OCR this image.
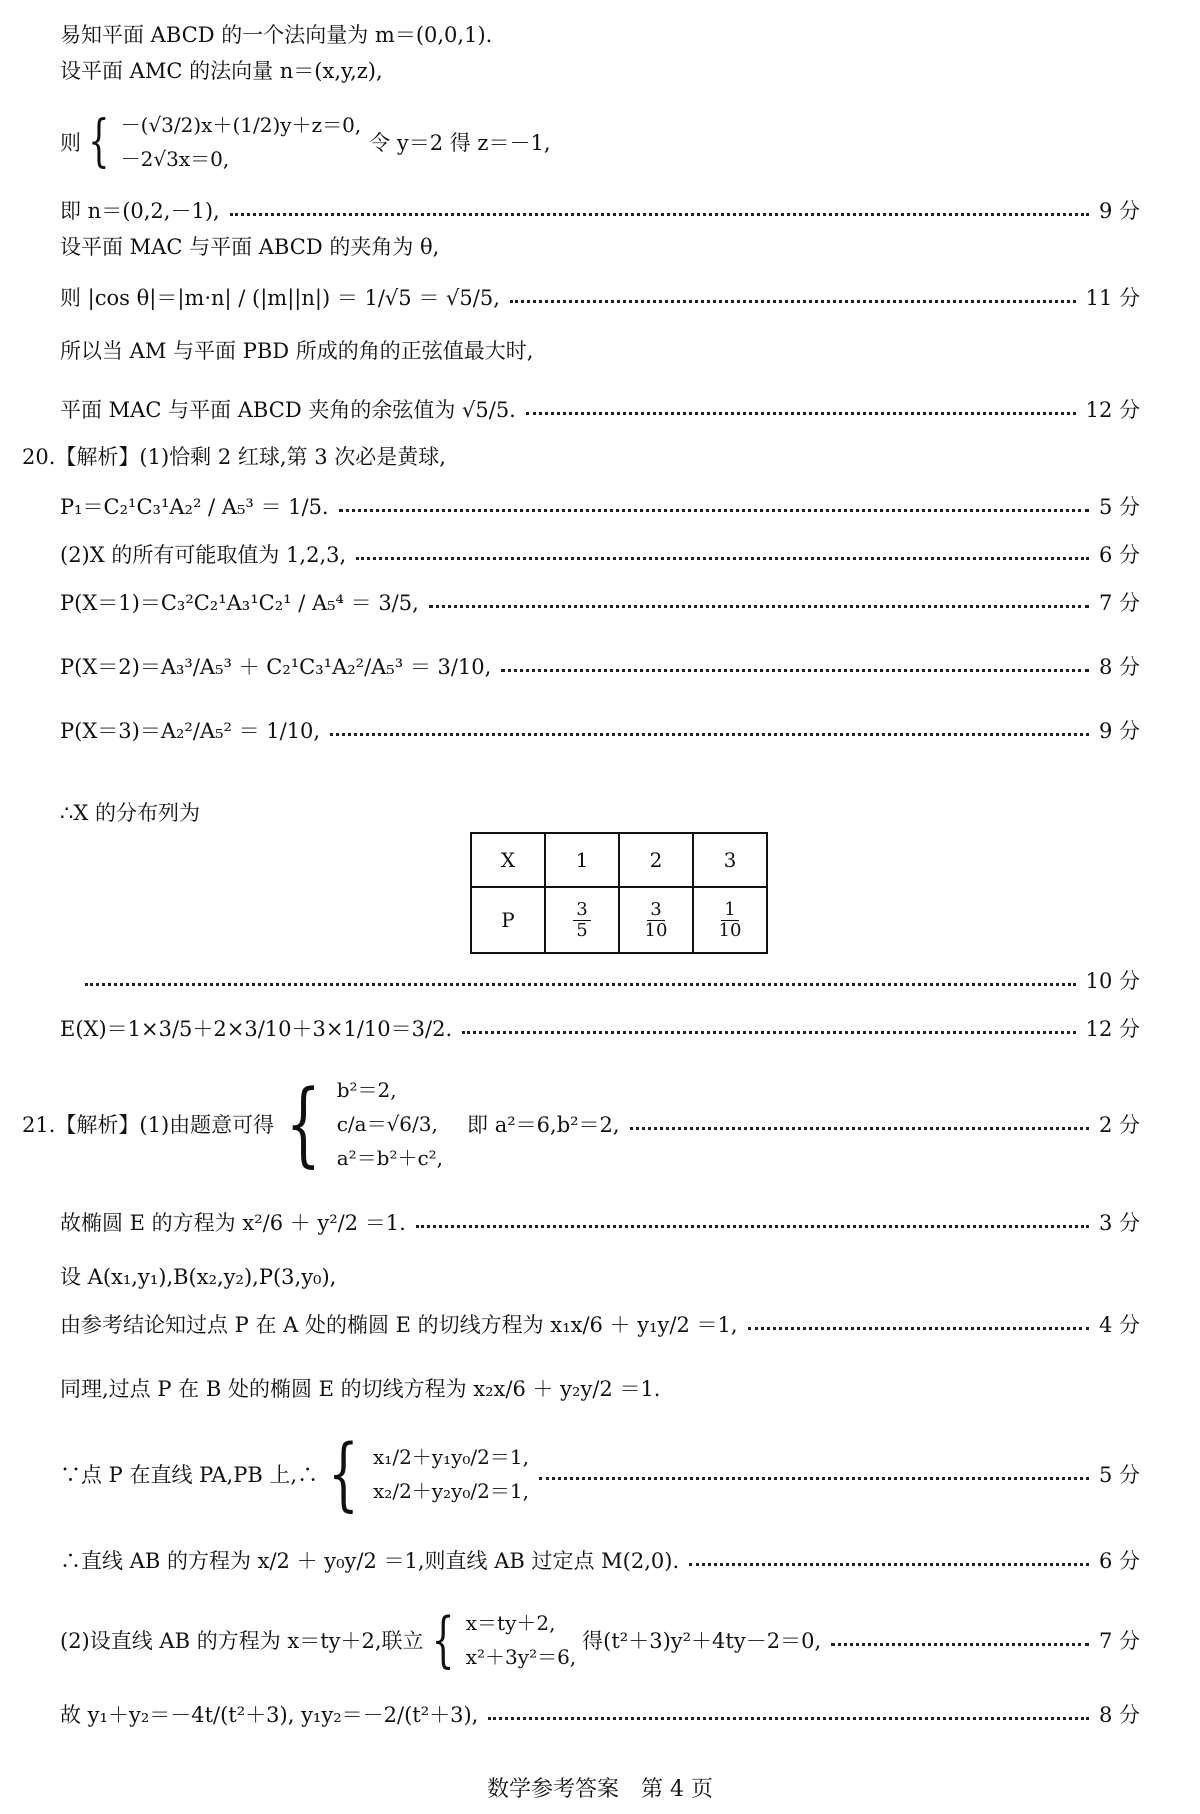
易知平面 ABCD 的一个法向量为 m＝(0,0,1).
设平面 AMC 的法向量 n＝(x,y,z),
则 { －(√3/2)x＋(1/2)y＋z＝0,
－2√3x＝0,
令 y＝2 得 z＝－1,
即 n＝(0,2,－1),	9 分
设平面 MAC 与平面 ABCD 的夹角为 θ,
则 |cos θ|＝|m·n| / (|m||n|) ＝ 1/√5 ＝ √5/5,	11 分
所以当 AM 与平面 PBD 所成的角的正弦值最大时,
平面 MAC 与平面 ABCD 夹角的余弦值为 √5/5.	12 分
20.【解析】(1)恰剩 2 红球,第 3 次必是黄球,
P₁＝C₂¹C₃¹A₂² / A₅³ ＝ 1/5.	5 分
(2)X 的所有可能取值为 1,2,3,	6 分
P(X＝1)＝C₃²C₂¹A₃¹C₂¹ / A₅⁴ ＝ 3/5,	7 分
P(X＝2)＝A₃³/A₅³ ＋ C₂¹C₃¹A₂²/A₅³ ＝ 3/10,	8 分
P(X＝3)＝A₂²/A₅² ＝ 1/10,	9 分
∴X 的分布列为
X	1	2	3
P	$\frac{3}{5}$	$\frac{3}{10}$	$\frac{1}{10}$
10 分
E(X)＝1×3/5＋2×3/10＋3×1/10＝3/2.	12 分
21.【解析】(1)由题意可得 { b²＝2,
c/a＝√6/3,
a²＝b²＋c²,
即 a²＝6,b²＝2,	2 分
故椭圆 E 的方程为 x²/6 ＋ y²/2 ＝1.	3 分
设 A(x₁,y₁),B(x₂,y₂),P(3,y₀),
由参考结论知过点 P 在 A 处的椭圆 E 的切线方程为 x₁x/6 ＋ y₁y/2 ＝1,	4 分
同理,过点 P 在 B 处的椭圆 E 的切线方程为 x₂x/6 ＋ y₂y/2 ＝1.
∵点 P 在直线 PA,PB 上,∴ { x₁/2＋y₁y₀/2＝1,
x₂/2＋y₂y₀/2＝1,
5 分
∴直线 AB 的方程为 x/2 ＋ y₀y/2 ＝1,则直线 AB 过定点 M(2,0).	6 分
(2)设直线 AB 的方程为 x＝ty＋2,联立 { x＝ty＋2,
x²＋3y²＝6,
得(t²＋3)y²＋4ty－2＝0,	7 分
故 y₁＋y₂＝－4t/(t²＋3), y₁y₂＝－2/(t²＋3),	8 分
数学参考答案　第 4 页
